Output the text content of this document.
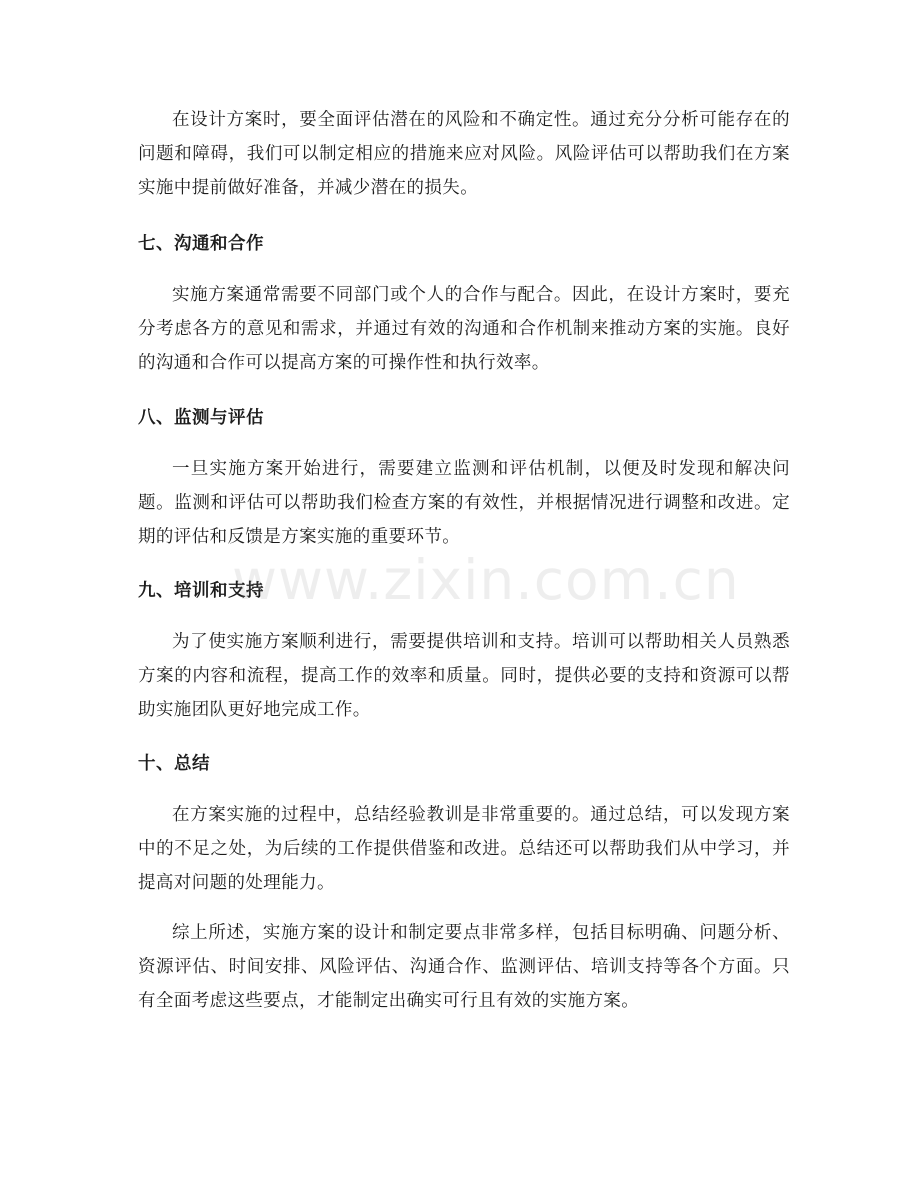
在设计方案时，要全面评估潜在的风险和不确定性。通过充分分析可能存在的问题和障碍，我们可以制定相应的措施来应对风险。风险评估可以帮助我们在方案实施中提前做好准备，并减少潜在的损失。

七、沟通和合作

实施方案通常需要不同部门或个人的合作与配合。因此，在设计方案时，要充分考虑各方的意见和需求，并通过有效的沟通和合作机制来推动方案的实施。良好的沟通和合作可以提高方案的可操作性和执行效率。

八、监测与评估

一旦实施方案开始进行，需要建立监测和评估机制，以便及时发现和解决问题。监测和评估可以帮助我们检查方案的有效性，并根据情况进行调整和改进。定期的评估和反馈是方案实施的重要环节。

九、培训和支持

为了使实施方案顺利进行，需要提供培训和支持。培训可以帮助相关人员熟悉方案的内容和流程，提高工作的效率和质量。同时，提供必要的支持和资源可以帮助实施团队更好地完成工作。

十、总结

在方案实施的过程中，总结经验教训是非常重要的。通过总结，可以发现方案中的不足之处，为后续的工作提供借鉴和改进。总结还可以帮助我们从中学习，并提高对问题的处理能力。

综上所述，实施方案的设计和制定要点非常多样，包括目标明确、问题分析、资源评估、时间安排、风险评估、沟通合作、监测评估、培训支持等各个方面。只有全面考虑这些要点，才能制定出确实可行且有效的实施方案。

www.zixin.com.cn
